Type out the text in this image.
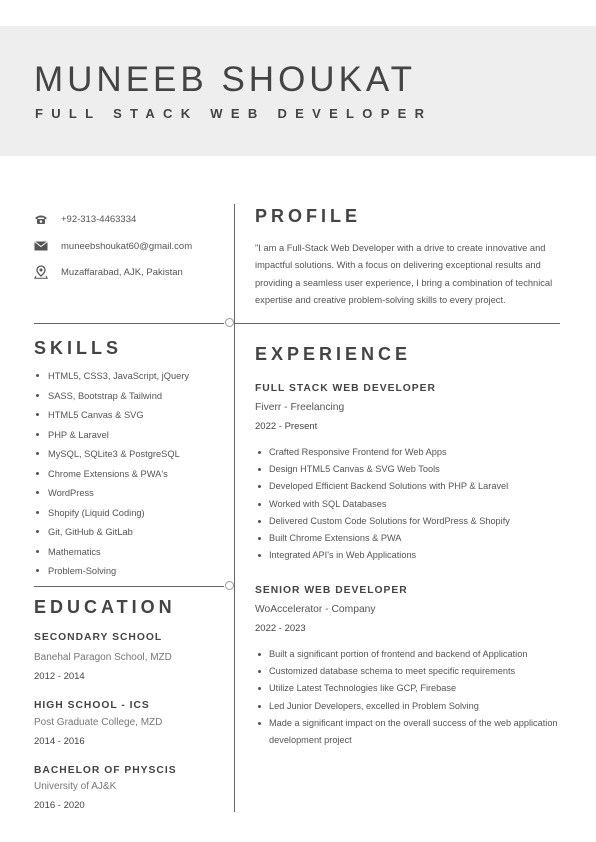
MUNEEB SHOUKAT
FULL STACK WEB DEVELOPER
+92-313-4463334
muneebshoukat60@gmail.com
Muzaffarabad, AJK, Pakistan
SKILLS
HTML5, CSS3, JavaScript, jQuery
SASS, Bootstrap & Tailwind
HTML5 Canvas & SVG
PHP & Laravel
MySQL, SQLite3 & PostgreSQL
Chrome Extensions & PWA's
WordPress
Shopify (Liquid Coding)
Git, GitHub & GitLab
Mathematics
Problem-Solving
EDUCATION
SECONDARY SCHOOL
Banehal Paragon School, MZD
2012 - 2014
HIGH SCHOOL - ICS
Post Graduate College, MZD
2014 - 2016
BACHELOR OF PHYSCIS
University of AJ&K
2016 - 2020
PROFILE

"I am a Full-Stack Web Developer with a drive to create innovative and impactful solutions. With a focus on delivering exceptional results and providing a seamless user experience, I bring a combination of technical expertise and creative problem-solving skills to every project.

EXPERIENCE
FULL STACK WEB DEVELOPER
Fiverr - Freelancing
2022 - Present
Crafted Responsive Frontend for Web Apps
Design HTML5 Canvas & SVG Web Tools
Developed Efficient Backend Solutions with PHP & Laravel
Worked with SQL Databases
Delivered Custom Code Solutions for WordPress & Shopify
Built Chrome Extensions & PWA
Integrated API's in Web Applications
SENIOR WEB DEVELOPER
WoAccelerator - Company
2022 - 2023
Built a significant portion of frontend and backend of Application
Customized database schema to meet specific requirements
Utilize Latest Technologies like GCP, Firebase
Led Junior Developers, excelled in Problem Solving
Made a significant impact on the overall success of the web application development project
